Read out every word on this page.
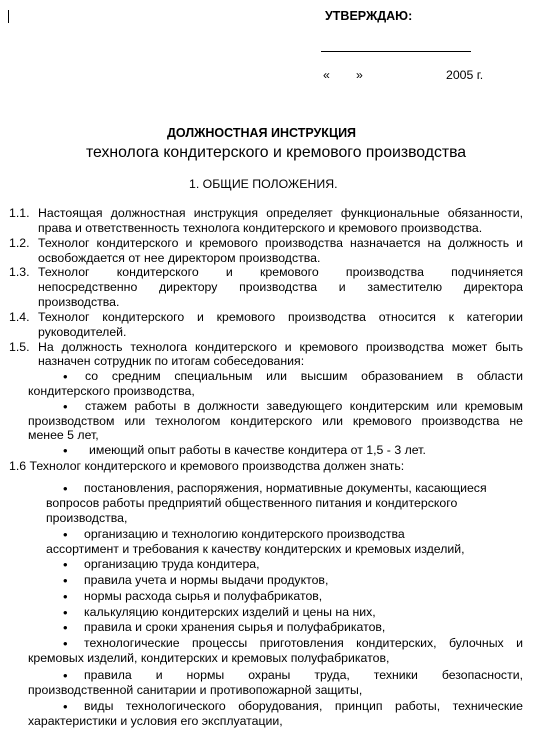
УТВЕРЖДАЮ:
« »	2005 г.
ДОЛЖНОСТНАЯ ИНСТРУКЦИЯ
технолога кондитерского и кремового производства
1. ОБЩИЕ ПОЛОЖЕНИЯ.
1.1. Настоящая должностная инструкция определяет функциональные обязанности,
права и ответственность технолога кондитерского и кремового производства.
1.2. Технолог кондитерского и кремового производства назначается на должность и
освобождается от нее директором производства.
1.3. Технолог кондитерского и кремового производства подчиняется
непосредственно директору производства и заместителю директора
производства.
1.4. Технолог кондитерского и кремового производства относится к категории
руководителей.
1.5. На должность технолога кондитерского и кремового производства может быть
назначен сотрудник по итогам собеседования:
• со средним специальным или высшим образованием в области
кондитерского производства,
• стажем работы в должности заведующего кондитерским или кремовым
производством или технологом кондитерского или кремового производства не
менее 5 лет,
• имеющий опыт работы в качестве кондитера от 1,5 - 3 лет.
1.6 Технолог кондитерского и кремового производства должен знать:
• постановления, распоряжения, нормативные документы, касающиеся
вопросов работы предприятий общественного питания и кондитерского
производства,
• организацию и технологию кондитерского производства
ассортимент и требования к качеству кондитерских и кремовых изделий,
• организацию труда кондитера,
• правила учета и нормы выдачи продуктов,
• нормы расхода сырья и полуфабрикатов,
• калькуляцию кондитерских изделий и цены на них,
• правила и сроки хранения сырья и полуфабрикатов,
• технологические процессы приготовления кондитерских, булочных и
кремовых изделий, кондитерских и кремовых полуфабрикатов,
• правила и нормы охраны труда, техники безопасности,
производственной санитарии и противопожарной защиты,
• виды технологического оборудования, принцип работы, технические
характеристики и условия его эксплуатации,
